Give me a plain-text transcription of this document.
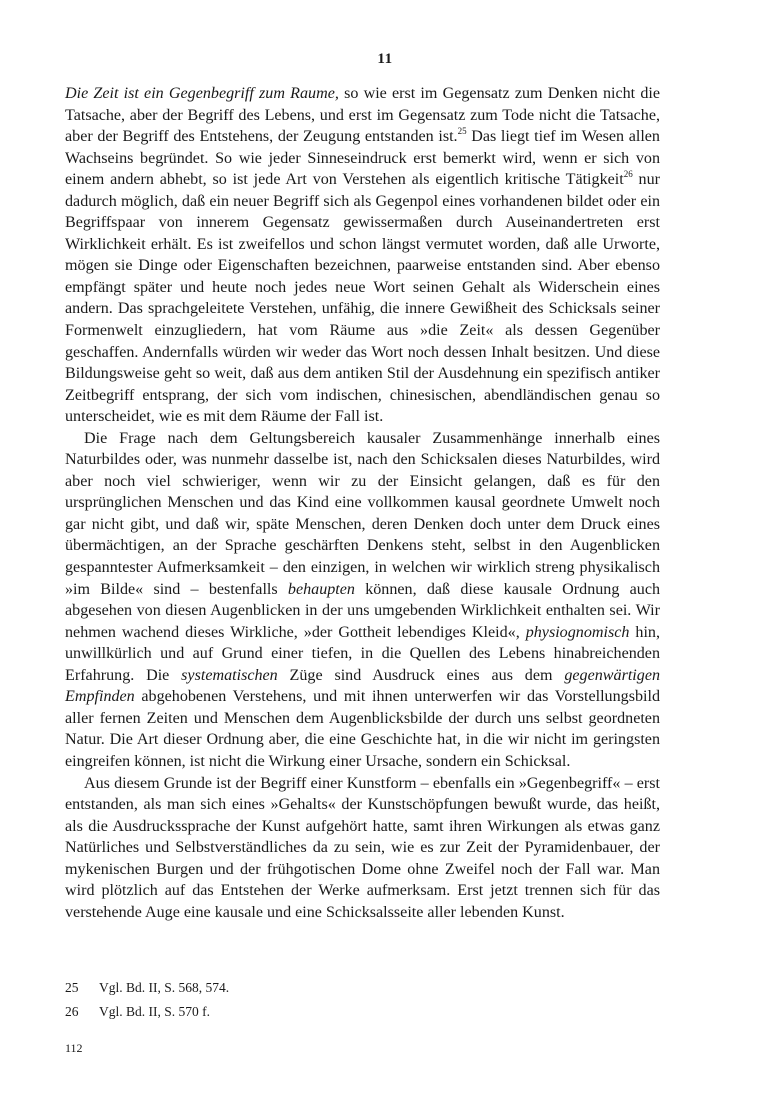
11

Die Zeit ist ein Gegenbegriff zum Raume, so wie erst im Gegensatz zum Denken nicht die Tatsache, aber der Begriff des Lebens, und erst im Gegensatz zum Tode nicht die Tatsache, aber der Begriff des Entstehens, der Zeugung entstanden ist.$^{25}$ Das liegt tief im Wesen allen Wachseins begründet. So wie jeder Sinneseindruck erst bemerkt wird, wenn er sich von einem andern abhebt, so ist jede Art von Verstehen als eigentlich kritische Tätigkeit$^{26}$ nur dadurch möglich, daß ein neuer Begriff sich als Gegenpol eines vorhandenen bildet oder ein Begriffspaar von innerem Gegensatz gewissermaßen durch Auseinandertreten erst Wirklichkeit erhält. Es ist zweifellos und schon längst vermutet worden, daß alle Urworte, mögen sie Dinge oder Eigenschaften bezeichnen, paarweise entstanden sind. Aber ebenso empfängt später und heute noch jedes neue Wort seinen Gehalt als Widerschein eines andern. Das sprachgeleitete Verstehen, unfähig, die innere Gewißheit des Schicksals seiner Formenwelt einzugliedern, hat vom Räume aus »die Zeit« als dessen Gegenüber geschaffen. Andernfalls würden wir weder das Wort noch dessen Inhalt besitzen. Und diese Bildungsweise geht so weit, daß aus dem antiken Stil der Ausdehnung ein spezifisch antiker Zeitbegriff entsprang, der sich vom indischen, chinesischen, abendländischen genau so unterscheidet, wie es mit dem Räume der Fall ist.

Die Frage nach dem Geltungsbereich kausaler Zusammenhänge innerhalb eines Naturbildes oder, was nunmehr dasselbe ist, nach den Schicksalen dieses Naturbildes, wird aber noch viel schwieriger, wenn wir zu der Einsicht gelangen, daß es für den ursprünglichen Menschen und das Kind eine vollkommen kausal geordnete Umwelt noch gar nicht gibt, und daß wir, späte Menschen, deren Denken doch unter dem Druck eines übermächtigen, an der Sprache geschärften Denkens steht, selbst in den Augenblicken gespanntester Aufmerksamkeit – den einzigen, in welchen wir wirklich streng physikalisch »im Bilde« sind – bestenfalls behaupten können, daß diese kausale Ordnung auch abgesehen von diesen Augenblicken in der uns umgebenden Wirklichkeit enthalten sei. Wir nehmen wachend dieses Wirkliche, »der Gottheit lebendiges Kleid«, physiognomisch hin, unwillkürlich und auf Grund einer tiefen, in die Quellen des Lebens hinabreichenden Erfahrung. Die systematischen Züge sind Ausdruck eines aus dem gegenwärtigen Empfinden abgehobenen Verstehens, und mit ihnen unterwerfen wir das Vorstellungsbild aller fernen Zeiten und Menschen dem Augenblicksbilde der durch uns selbst geordneten Natur. Die Art dieser Ordnung aber, die eine Geschichte hat, in die wir nicht im geringsten eingreifen können, ist nicht die Wirkung einer Ursache, sondern ein Schicksal.

Aus diesem Grunde ist der Begriff einer Kunstform – ebenfalls ein »Gegenbegriff« – erst entstanden, als man sich eines »Gehalts« der Kunstschöpfungen bewußt wurde, das heißt, als die Ausdruckssprache der Kunst aufgehört hatte, samt ihren Wirkungen als etwas ganz Natürliches und Selbstverständliches da zu sein, wie es zur Zeit der Pyramidenbauer, der mykenischen Burgen und der frühgotischen Dome ohne Zweifel noch der Fall war. Man wird plötzlich auf das Entstehen der Werke aufmerksam. Erst jetzt trennen sich für das verstehende Auge eine kausale und eine Schicksalsseite aller lebenden Kunst.

25	Vgl. Bd. II, S. 568, 574.
26	Vgl. Bd. II, S. 570 f.
112
